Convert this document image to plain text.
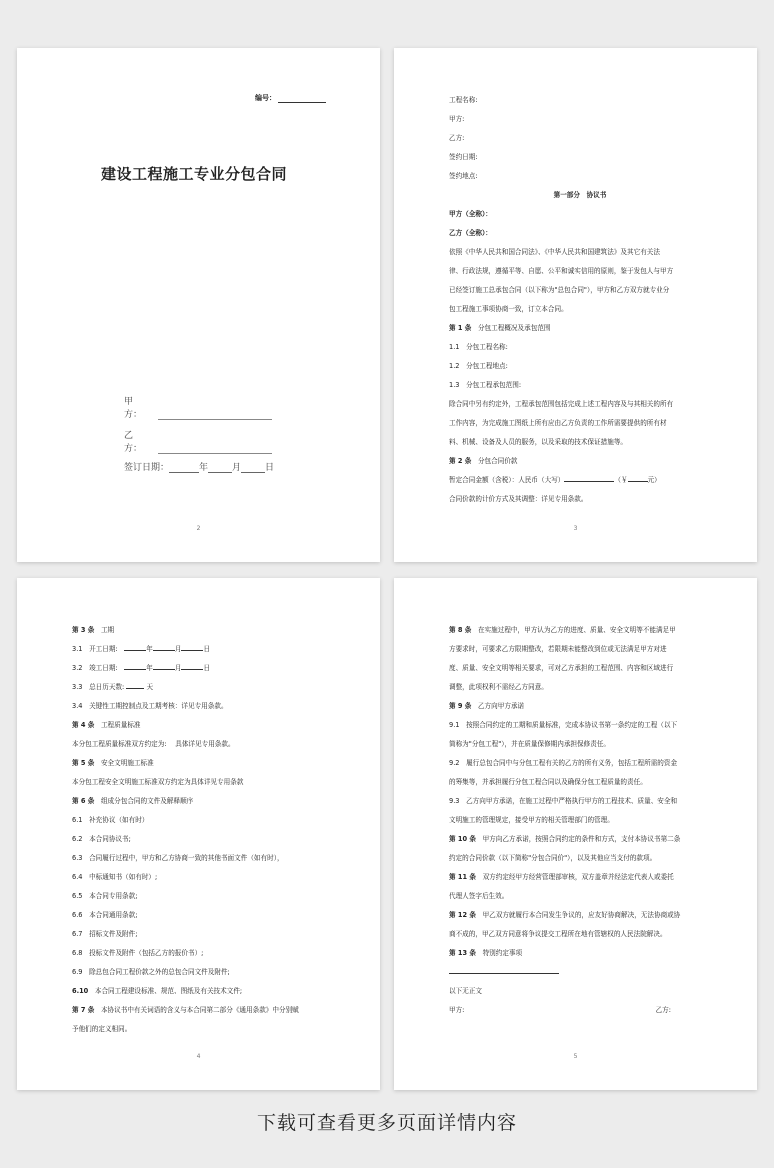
编号：
建设工程施工专业分包合同
甲　方：
乙　方：
签订日期：	年	月	日
2

工程名称:

甲方:

乙方:

签约日期:

签约地点:

第一部分　协议书

甲方（全称）：

乙方（全称）：

依照《中华人民共和国合同法》、《中华人民共和国建筑法》及其它有关法

律、行政法规，遵循平等、自愿、公平和诚实信用的原则，鉴于发包人与甲方

已经签订施工总承包合同（以下称为"总包合同"），甲方和乙方双方就专业分

包工程施工事项协商一致，订立本合同。

第 1 条　 分包工程概况及承包范围

1.1　分包工程名称:

1.2　分包工程地点:

1.3　分包工程承包范围:

除合同中另有约定外，工程承包范围包括完成上述工程内容及与其相关的所有

工作内容，为完成施工图纸上所有应由乙方负责的工作所需要提供的所有材

料、机械、设备及人员的服务，以及采取的技术保证措施等。

第 2 条　 分包合同价款

暂定合同金额（含税）：人民币（大写）	（￥	元）

合同价款的计价方式及其调整：详见专用条款。

3

第 3 条　 工期

3.1　开工日期:　	年	月	日

3.2　竣工日期:　	年	月	日

3.3　总日历天数:	天

3.4　关键性工期控制点及工期考核：详见专用条款。

第 4 条　 工程质量标准

本分包工程质量标准双方约定为:　 具体详见专用条款。

第 5 条　 安全文明施工标准

本分包工程安全文明施工标准双方约定为具体详见专用条款

第 6 条　 组成分包合同的文件及解释顺序

6.1　补充协议（如有时）

6.2　本合同协议书;

6.3　合同履行过程中，甲方和乙方协商一致的其他书面文件（如有时），

6.4　中标通知书（如有时）;

6.5　本合同专用条款;

6.6　本合同通用条款;

6.7　招标文件及附件;

6.8　投标文件及附件（包括乙方的报价书）;

6.9　除总包合同工程价款之外的总包合同文件及附件;

6.10　 本合同工程建设标准、规范、图纸及有关技术文件;

第 7 条　 本协议书中有关词语的含义与本合同第二部分《通用条款》中分别赋

予他们的定义相同。

4

第 8 条　 在实施过程中，甲方认为乙方的进度、质量、安全文明等不能满足甲

方要求时，可要求乙方限期整改，若限期未能整改到位或无法满足甲方对进

度、质量、安全文明等相关要求，可对乙方承担的工程范围、内容和区域进行

调整，此项权利不需经乙方同意。

第 9 条　 乙方向甲方承诺

9.1　按照合同约定的工期和质量标准，完成本协议书第一条约定的工程（以下

简称为"分包工程"），并在质量保修期内承担保修责任。

9.2　履行总包合同中与分包工程有关的乙方的所有义务，包括工程所需的资金

的筹集等，并承担履行分包工程合同以及确保分包工程质量的责任。

9.3　乙方向甲方承诺，在施工过程中严格执行甲方的工程技术、质量、安全和

文明施工的管理规定，接受甲方的相关管理部门的管理。

第 10 条　 甲方向乙方承诺，按照合同约定的条件和方式，支付本协议书第二条

约定的合同价款（以下简称"分包合同价"），以及其他应当支付的款项。

第 11 条　 双方约定经甲方经营管理部审核，双方盖章并经法定代表人或委托

代理人签字后生效。

第 12 条　 甲乙双方就履行本合同发生争议的，应友好协商解决，无法协商或协

商不成的，甲乙双方同意将争议提交工程所在地有管辖权的人民法院解决。

第 13 条　 特别约定事项

以下无正文

甲方:	乙方:

5
下载可查看更多页面详情内容
